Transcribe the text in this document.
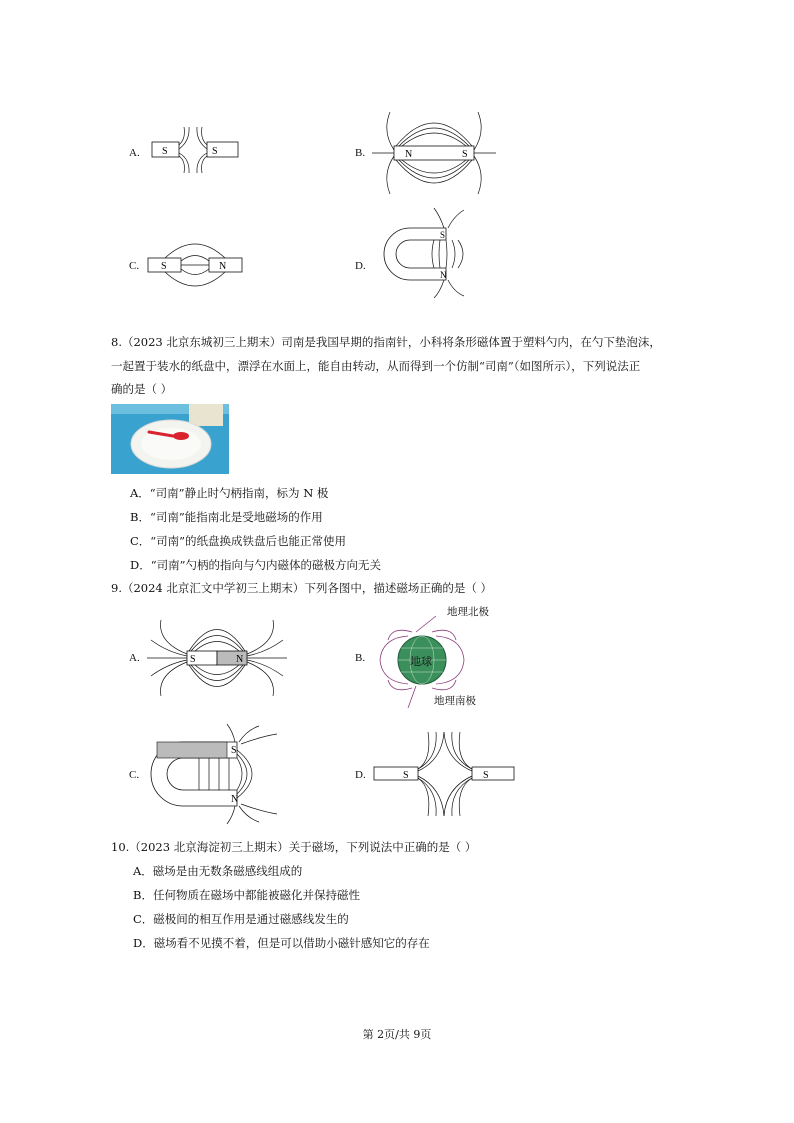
A. S	S	B.	N	S
C. S	N	D.
S
N
8.（2023 北京东城初三上期末）司南是我国早期的指南针，小科将条形磁体置于塑料勺内，在勺下垫泡沫，
一起置于装水的纸盘中，漂浮在水面上，能自由转动，从而得到一个仿制“司南”（如图所示），下列说法正
确的是（ ）
A．“司南”静止时勺柄指南，标为 N 极
B．“司南”能指南北是受地磁场的作用
C．“司南”的纸盘换成铁盘后也能正常使用
D．“司南”勺柄的指向与勺内磁体的磁极方向无关
9.（2024 北京汇文中学初三上期末）下列各图中，描述磁场正确的是（ ）
A.	S	N	B.
地理北极
地理南极
地球
C.
S
N
D.	S	S
10.（2023 北京海淀初三上期末）关于磁场，下列说法中正确的是（ ）
A．磁场是由无数条磁感线组成的
B．任何物质在磁场中都能被磁化并保持磁性
C．磁极间的相互作用是通过磁感线发生的
D．磁场看不见摸不着，但是可以借助小磁针感知它的存在
第 2页/共 9页
